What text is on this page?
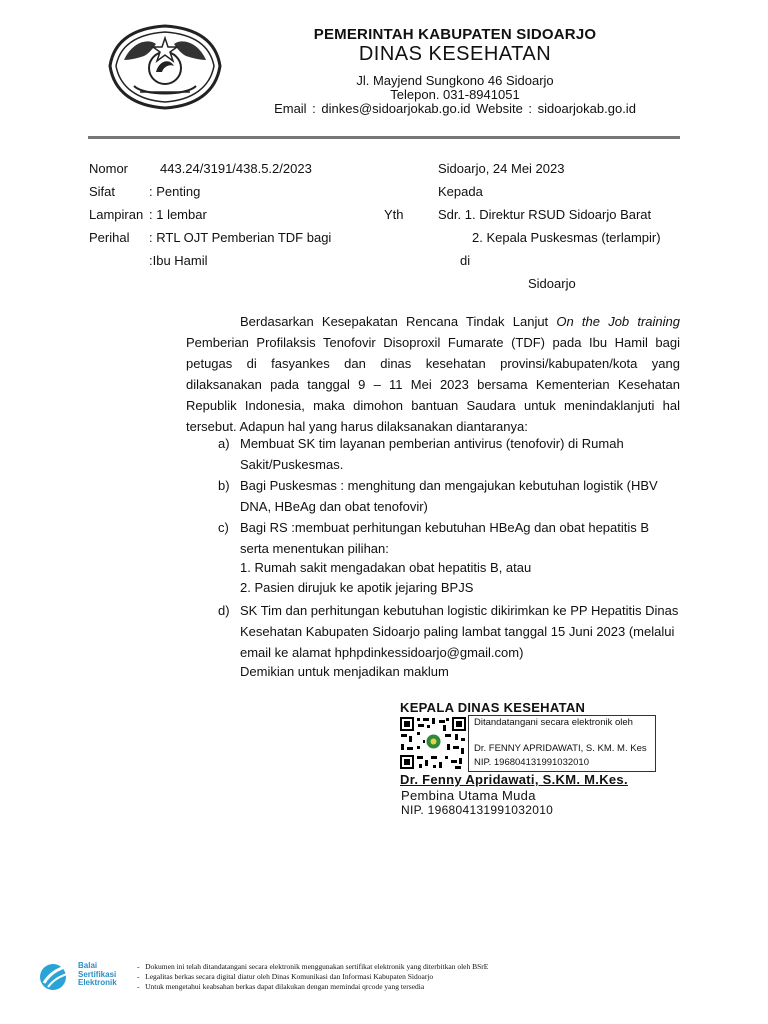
PEMERINTAH KABUPATEN SIDOARJO
DINAS KESEHATAN
Jl. Mayjend Sungkono 46 Sidoarjo
Telepon. 031-8941051
Email : dinkes@sidoarjokab.go.id Website : sidoarjokab.go.id
Nomor 443.24/3191/438.5.2/2023
Sifat	: Penting
Lampiran : 1 lembar
Perihal : RTL OJT Pemberian TDF bagi
:Ibu Hamil
Sidoarjo, 24 Mei 2023
Kepada
Yth	Sdr. 1. Direktur RSUD Sidoarjo Barat
2. Kepala Puskesmas (terlampir)
di
Sidoarjo
Berdasarkan Kesepakatan Rencana Tindak Lanjut On the Job training Pemberian Profilaksis Tenofovir Disoproxil Fumarate (TDF) pada Ibu Hamil bagi petugas di fasyankes dan dinas kesehatan provinsi/kabupaten/kota yang dilaksanakan pada tanggal 9 – 11 Mei 2023 bersama Kementerian Kesehatan Republik Indonesia, maka dimohon bantuan Saudara untuk menindaklanjuti hal tersebut. Adapun hal yang harus dilaksanakan diantaranya:
a) Membuat SK tim layanan pemberian antivirus (tenofovir) di Rumah Sakit/Puskesmas.
b) Bagi Puskesmas : menghitung dan mengajukan kebutuhan logistik (HBV DNA, HBeAg dan obat tenofovir)
c) Bagi RS :membuat perhitungan kebutuhan HBeAg dan obat hepatitis B serta menentukan pilihan:
1. Rumah sakit mengadakan obat hepatitis B, atau
2. Pasien dirujuk ke apotik jejaring BPJS
d) SK Tim dan perhitungan kebutuhan logistic dikirimkan ke PP Hepatitis Dinas Kesehatan Kabupaten Sidoarjo paling lambat tanggal 15 Juni 2023 (melalui email ke alamat hphpdinkessidoarjo@gmail.com)
Demikian untuk menjadikan maklum
KEPALA DINAS KESEHATAN
Ditandatangani secara elektronik oleh
Dr. FENNY APRIDAWATI, S. KM. M. Kes
NIP. 196804131991032010
Dr. Fenny Apridawati, S.KM. M.Kes.
Pembina Utama Muda
NIP. 196804131991032010
Balai
Sertifikasi
Elektronik
-   Dokumen ini telah ditandatangani secara elektronik menggunakan sertifikat elektronik yang diterbitkan oleh BSrE
-   Legalitas berkas secara digital diatur oleh Dinas Komunikasi dan Informasi Kabupaten Sidoarjo
-   Untuk mengetahui keabsahan berkas dapat dilakukan dengan memindai qrcode yang tersedia
